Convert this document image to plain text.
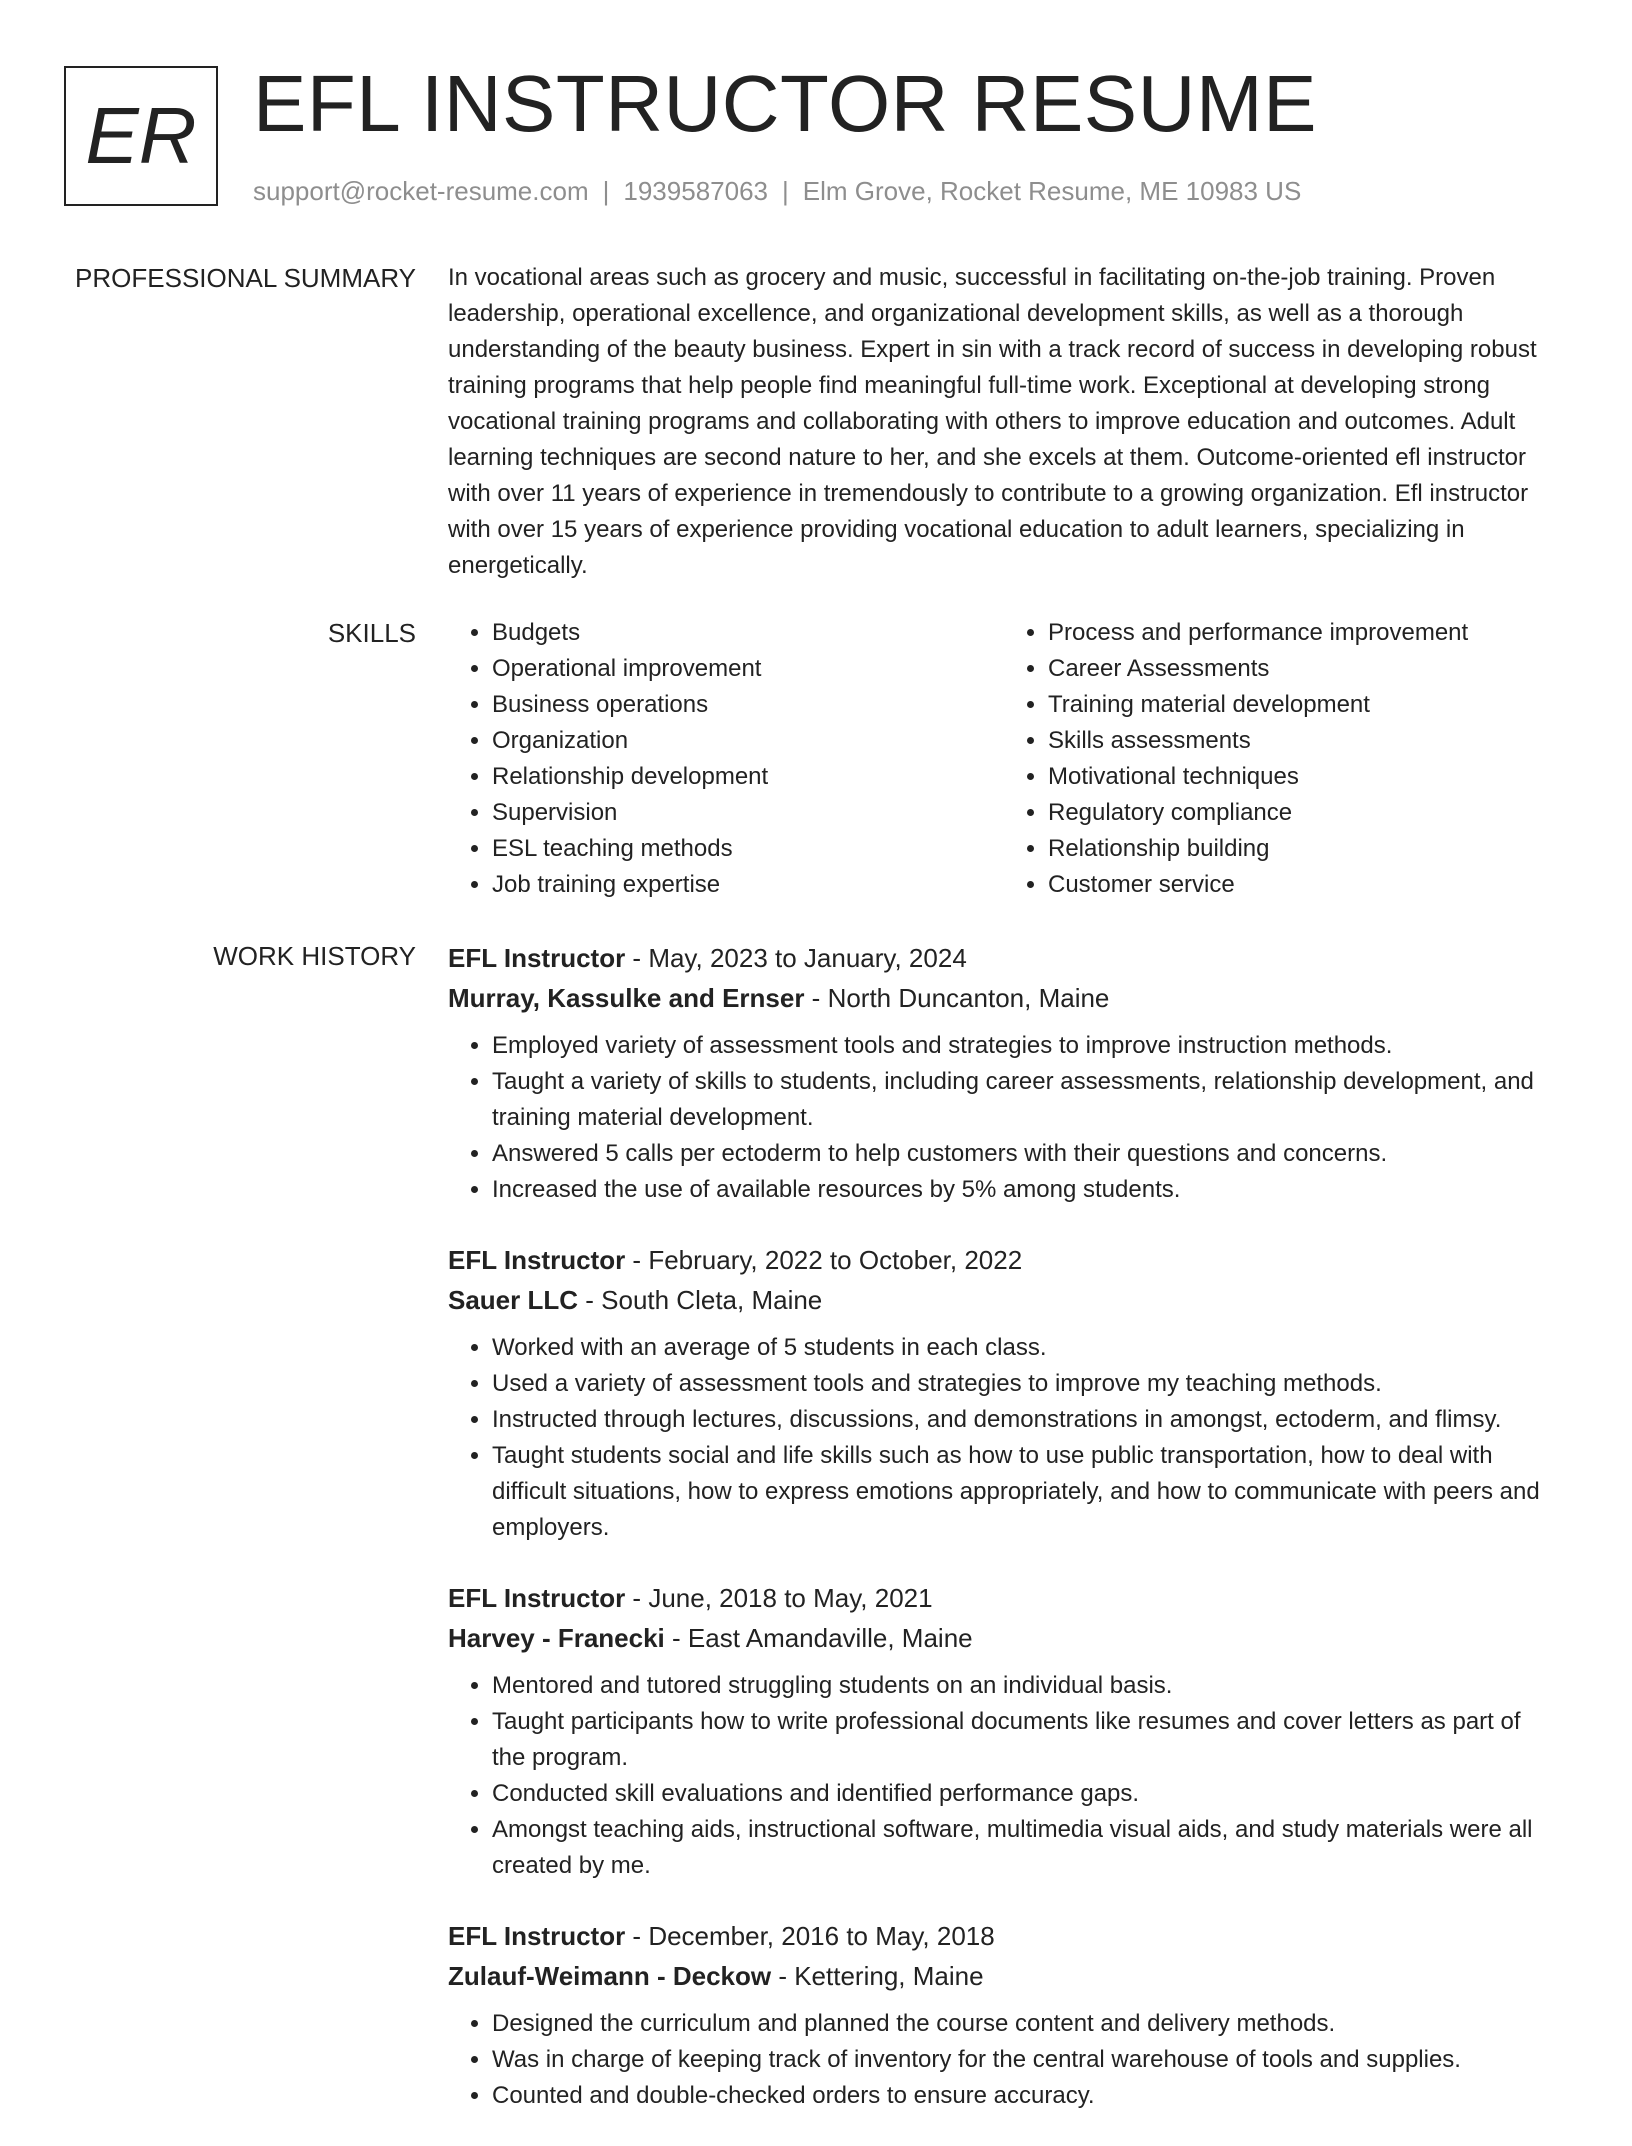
ER EFL INSTRUCTOR RESUME
support@rocket-resume.com | 1939587063 | Elm Grove, Rocket Resume, ME 10983 US
PROFESSIONAL SUMMARY In vocational areas such as grocery and music, successful in facilitating on-the-job training. Proven leadership, operational excellence, and organizational development skills, as well as a thorough understanding of the beauty business. Expert in sin with a track record of success in developing robust training programs that help people find meaningful full-time work. Exceptional at developing strong vocational training programs and collaborating with others to improve education and outcomes. Adult learning techniques are second nature to her, and she excels at them. Outcome-oriented efl instructor with over 11 years of experience in tremendously to contribute to a growing organization. Efl instructor with over 15 years of experience providing vocational education to adult learners, specializing in energetically.

SKILLS
•	Budgets
• Operational improvement
• Business operations
• Organization
• Relationship development
• Supervision
• ESL teaching methods
• Job training expertise
• Process and performance improvement
• Career Assessments
• Training material development
• Skills assessments
• Motivational techniques
• Regulatory compliance
• Relationship building
• Customer service
WORK HISTORY EFL Instructor - May, 2023 to January, 2024
Murray, Kassulke and Ernser - North Duncanton, Maine
• Employed variety of assessment tools and strategies to improve instruction methods.
• Taught a variety of skills to students, including career assessments, relationship development, and training material development.
• Answered 5 calls per ectoderm to help customers with their questions and concerns.
• Increased the use of available resources by 5% among students.
EFL Instructor - February, 2022 to October, 2022
Sauer LLC - South Cleta, Maine
• Worked with an average of 5 students in each class.
• Used a variety of assessment tools and strategies to improve my teaching methods.
• Instructed through lectures, discussions, and demonstrations in amongst, ectoderm, and flimsy.
• Taught students social and life skills such as how to use public transportation, how to deal with difficult situations, how to express emotions appropriately, and how to communicate with peers and employers.
EFL Instructor - June, 2018 to May, 2021
Harvey - Franecki - East Amandaville, Maine
• Mentored and tutored struggling students on an individual basis.
• Taught participants how to write professional documents like resumes and cover letters as part of the program.
• Conducted skill evaluations and identified performance gaps.
• Amongst teaching aids, instructional software, multimedia visual aids, and study materials were all created by me.
EFL Instructor - December, 2016 to May, 2018
Zulauf-Weimann - Deckow - Kettering, Maine
• Designed the curriculum and planned the course content and delivery methods.
• Was in charge of keeping track of inventory for the central warehouse of tools and supplies.
• Counted and double-checked orders to ensure accuracy.
